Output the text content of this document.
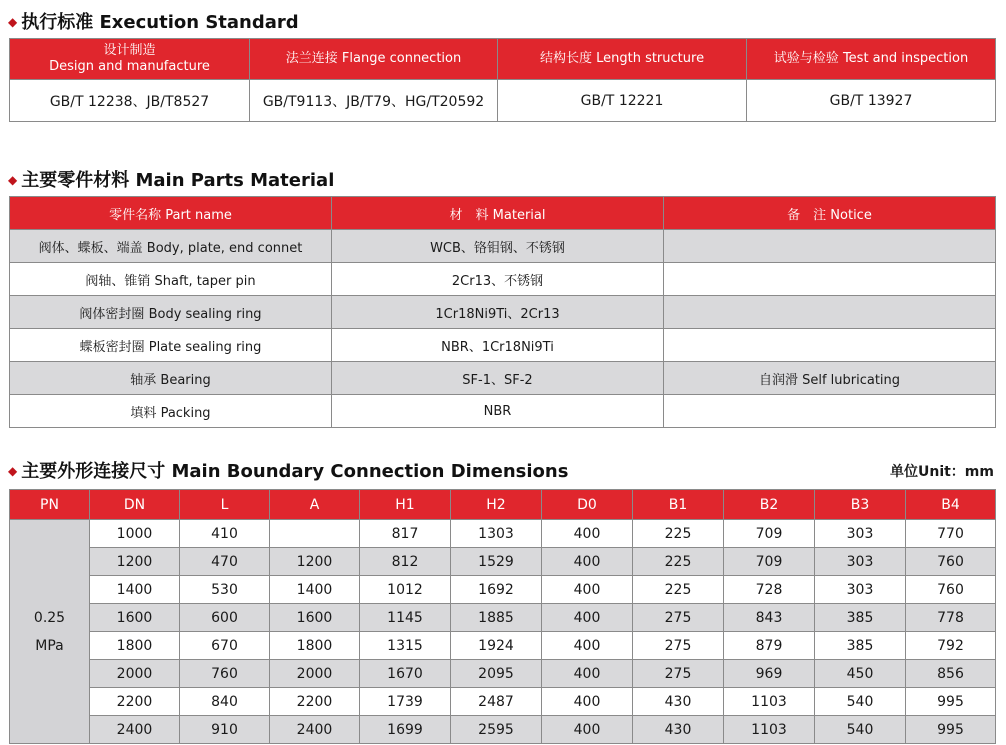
◆ 执行标准 Execution Standard
设计制造
Design and manufacture	法兰连接 Flange connection	结构长度 Length structure	试验与检验 Test and inspection
GB/T 12238、JB/T8527	GB/T9113、JB/T79、HG/T20592	GB/T 12221	GB/T 13927
◆ 主要零件材料 Main Parts Material
零件名称 Part name	材　料 Material	备　注 Notice
阀体、蝶板、端盖 Body, plate, end connet	WCB、铬钼钢、不锈钢	
阀轴、锥销 Shaft, taper pin	2Cr13、不锈钢	
阀体密封圈 Body sealing ring	1Cr18Ni9Ti、2Cr13	
蝶板密封圈 Plate sealing ring	NBR、1Cr18Ni9Ti	
轴承 Bearing	SF-1、SF-2	自润滑 Self lubricating
填料 Packing	NBR	
◆ 主要外形连接尺寸 Main Boundary Connection Dimensions	单位Unit：mm
PN	DN	L	A	H1	H2	D0	B1	B2	B3	B4
0.25
MPa	1000	410		817	1303	400	225	709	303	770
	1200	470	1200	812	1529	400	225	709	303	760
	1400	530	1400	1012	1692	400	225	728	303	760
	1600	600	1600	1145	1885	400	275	843	385	778
	1800	670	1800	1315	1924	400	275	879	385	792
	2000	760	2000	1670	2095	400	275	969	450	856
	2200	840	2200	1739	2487	400	430	1103	540	995
	2400	910	2400	1699	2595	400	430	1103	540	995
